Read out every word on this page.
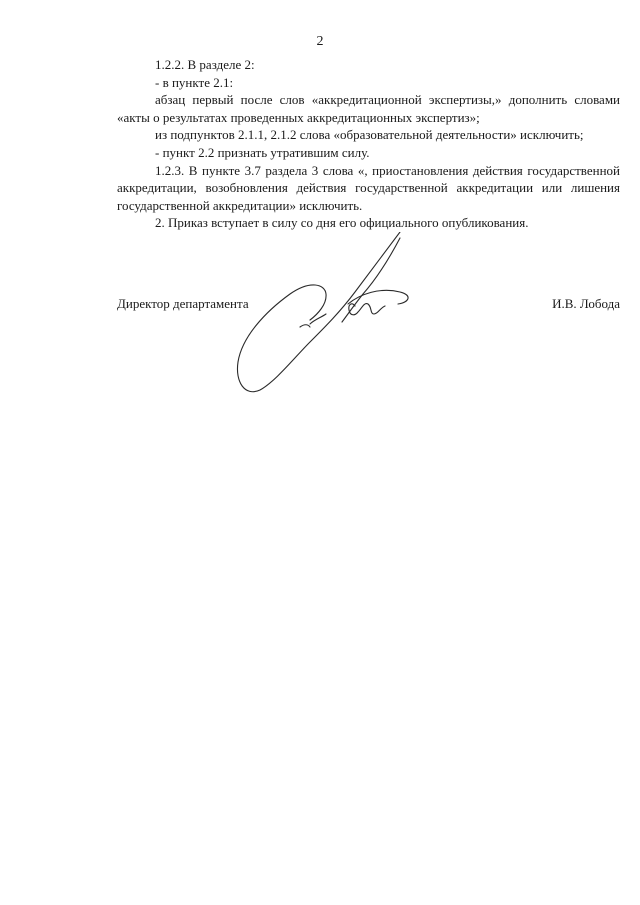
2

1.2.2. В разделе 2:

- в пункте 2.1:

абзац первый после слов «аккредитационной экспертизы,» дополнить словами «акты о результатах проведенных аккредитационных экспертиз»;

из подпунктов 2.1.1, 2.1.2 слова «образовательной деятельности» исключить;

- пункт 2.2 признать утратившим силу.

1.2.3. В пункте 3.7 раздела 3 слова «, приостановления действия государственной аккредитации, возобновления действия государственной аккредитации или лишения государственной аккредитации» исключить.

2. Приказ вступает в силу со дня его официального опубликования.

Директор департамента	И.В. Лобода
